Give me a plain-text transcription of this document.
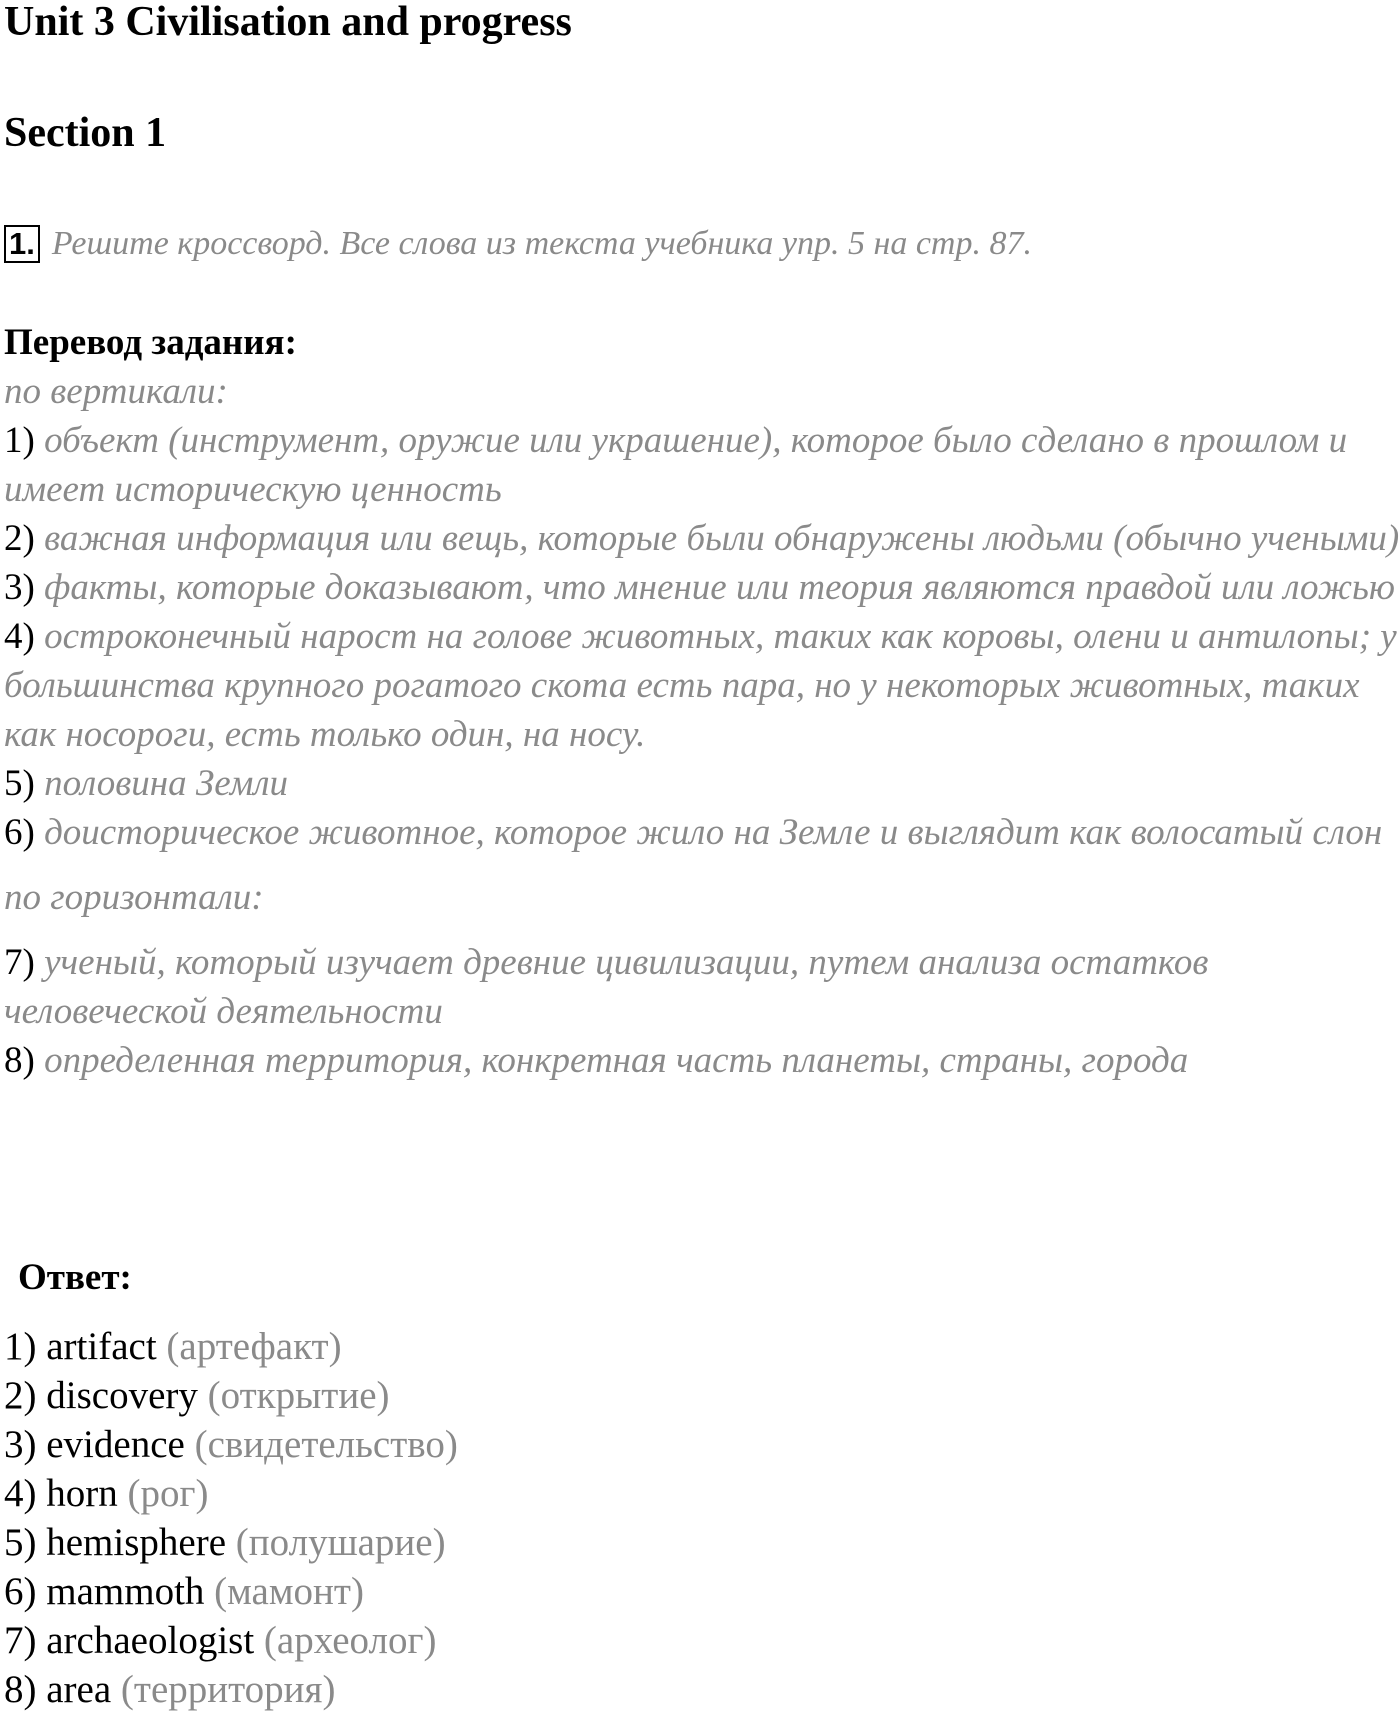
Unit 3 Civilisation and progress
Section 1
1. Решите кроссворд. Все слова из текста учебника упр. 5 на стр. 87.

Перевод задания:

по вертикали:

1) объект (инструмент, оружие или украшение), которое было сделано в прошлом и имеет историческую ценность

2) важная информация или вещь, которые были обнаружены людьми (обычно учеными)

3) факты, которые доказывают, что мнение или теория являются правдой или ложью

4) остроконечный нарост на голове животных, таких как коровы, олени и антилопы; у большинства крупного рогатого скота есть пара, но у некоторых животных, таких как носороги, есть только один, на носу.

5) половина Земли

6) доисторическое животное, которое жило на Земле и выглядит как волосатый слон

по горизонтали:

7) ученый, который изучает древние цивилизации, путем анализа остатков человеческой деятельности

8) определенная территория, конкретная часть планеты, страны, города

Ответ:

1) artifact (артефакт)
2) discovery (открытие)
3) evidence (свидетельство)
4) horn (рог)
5) hemisphere (полушарие)
6) mammoth (мамонт)
7) archaeologist (археолог)
8) area (территория)
